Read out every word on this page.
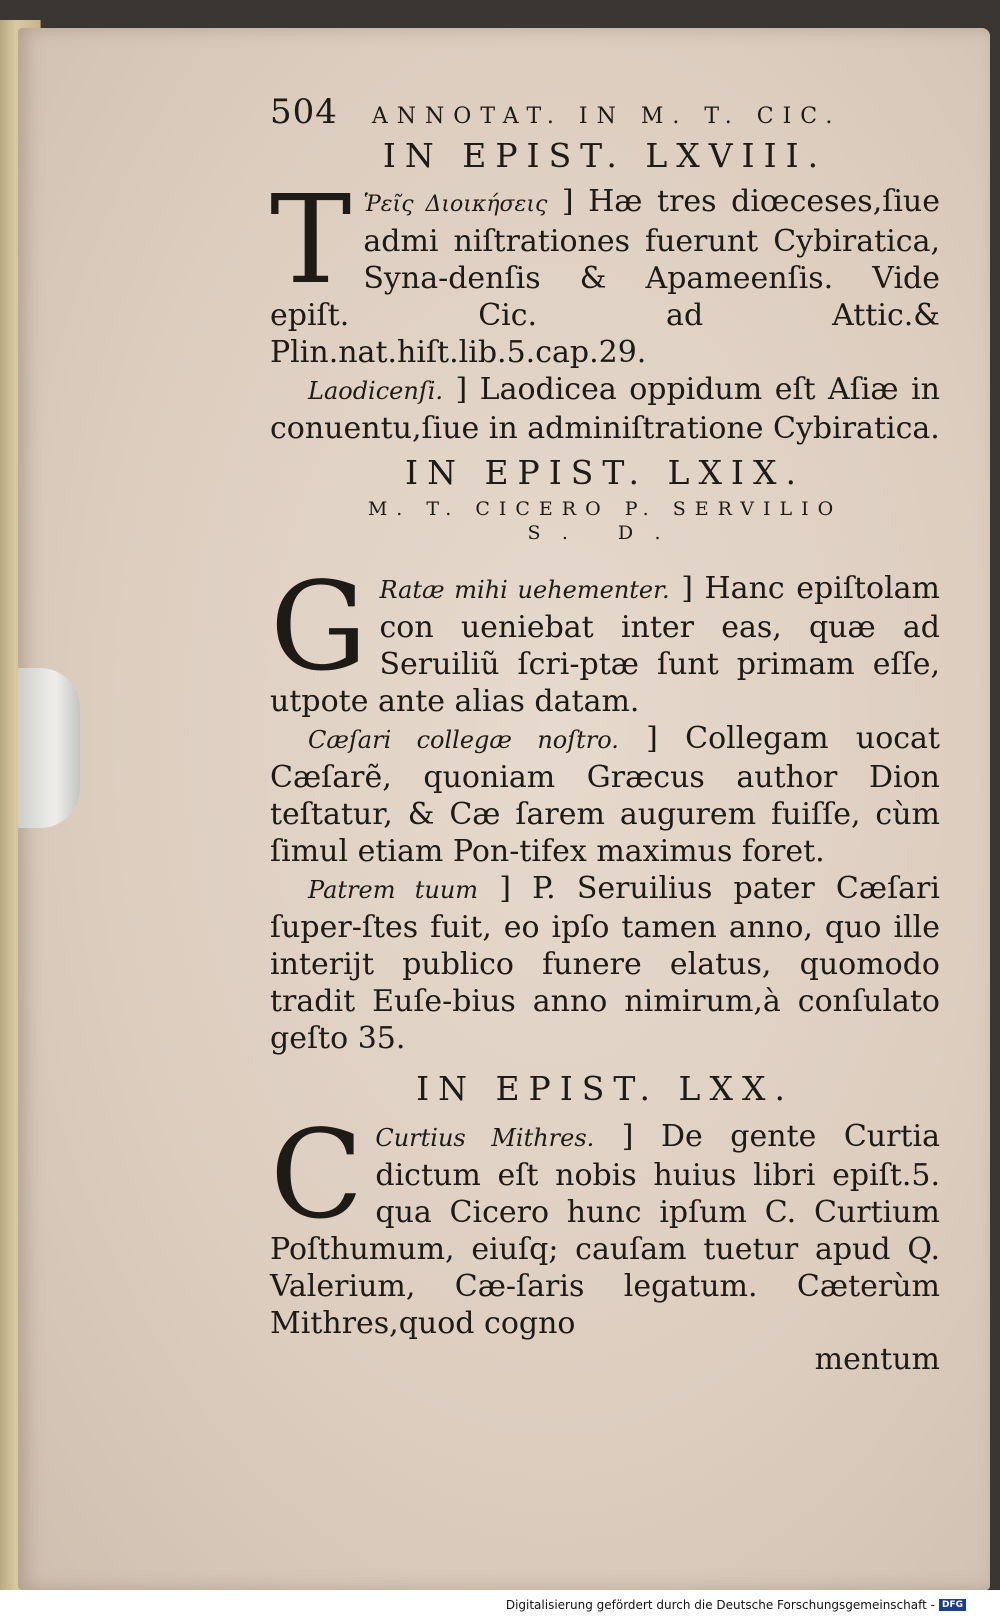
504 ANNOTAT. IN M. T. CIC.
IN EPIST. LXVIII.

T Ῥεῖς Διοικήσεις ] Hæ tres diœceses,ſiue admi niſtrationes fuerunt Cybiratica, Syna-denſis & Apameenſis. Vide epiſt. Cic. ad Attic.& Plin.nat.hiſt.lib.5.cap.29.

Laodicenſi. ] Laodicea oppidum eſt Aſiæ in conuentu,ſiue in adminiſtratione Cybiratica.

IN EPIST. LXIX.
M. T. CICERO P. SERVILIO
S. D.

G Ratæ mihi uehementer. ] Hanc epiſtolam con ueniebat inter eas, quæ ad Seruiliũ ſcri-ptæ ſunt primam eſſe, utpote ante alias datam.

Cæſari collegæ noſtro. ] Collegam uocat Cæſarẽ, quoniam Græcus author Dion teſtatur, & Cæ ſarem augurem fuiſſe, cùm ſimul etiam Pon-tifex maximus foret.

Patrem tuum ] P. Seruilius pater Cæſari ſuper-ſtes fuit, eo ipſo tamen anno, quo ille interijt publico funere elatus, quomodo tradit Euſe-bius anno nimirum,à conſulato geſto 35.

IN EPIST. LXX.

C Curtius Mithres. ] De gente Curtia dictum eſt nobis huius libri epiſt.5. qua Cicero hunc ipſum C. Curtium Poſthumum, eiuſq; cauſam tuetur apud Q. Valerium, Cæ-ſaris legatum. Cæterùm Mithres,quod cogno

mentum

Digitalisierung gefördert durch die Deutsche Forschungsgemeinschaft - DFG
